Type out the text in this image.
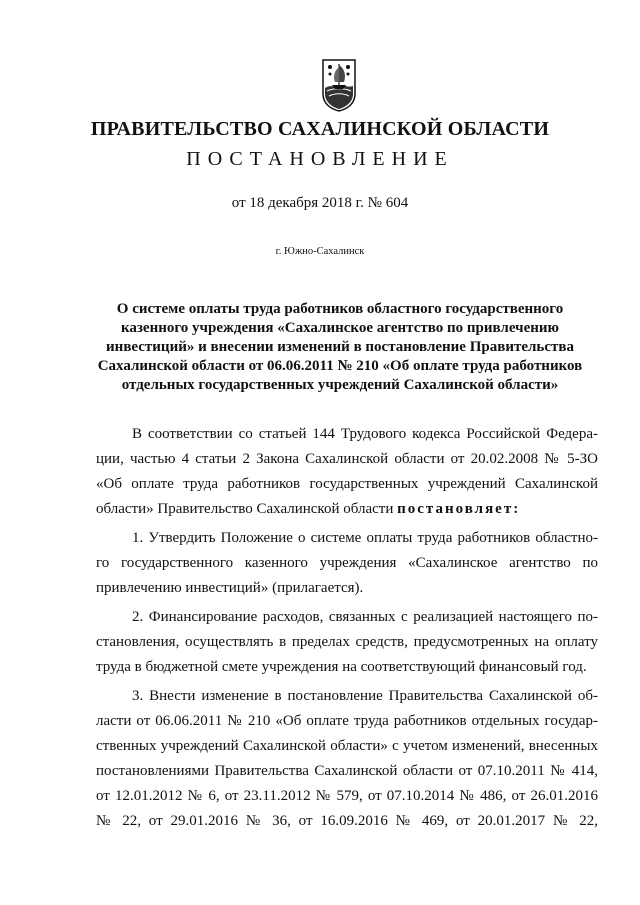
ПРАВИТЕЛЬСТВО САХАЛИНСКОЙ ОБЛАСТИ
ПОСТАНОВЛЕНИЕ
от 18 декабря 2018 г. № 604
г. Южно-Сахалинск
О системе оплаты труда работников областного государственного
казенного учреждения «Сахалинское агентство по привлечению
инвестиций» и внесении изменений в постановление Правительства
Сахалинской области от 06.06.2011 № 210 «Об оплате труда работников
отдельных государственных учреждений Сахалинской области»
В соответствии со статьей 144 Трудового кодекса Российской Федера-
ции, частью 4 статьи 2 Закона Сахалинской области от 20.02.2008 № 5-ЗО
«Об оплате труда работников государственных учреждений Сахалинской
области» Правительство Сахалинской области постановляет:
1. Утвердить Положение о системе оплаты труда работников областно-
го государственного казенного учреждения «Сахалинское агентство по
привлечению инвестиций» (прилагается).
2. Финансирование расходов, связанных с реализацией настоящего по-
становления, осуществлять в пределах средств, предусмотренных на оплату
труда в бюджетной смете учреждения на соответствующий финансовый год.
3. Внести изменение в постановление Правительства Сахалинской об-
ласти от 06.06.2011 № 210 «Об оплате труда работников отдельных государ-
ственных учреждений Сахалинской области» с учетом изменений, внесенных
постановлениями Правительства Сахалинской области от 07.10.2011 № 414,
от 12.01.2012 № 6, от 23.11.2012 № 579, от 07.10.2014 № 486, от 26.01.2016
№ 22, от 29.01.2016 № 36, от 16.09.2016 № 469, от 20.01.2017 № 22,
